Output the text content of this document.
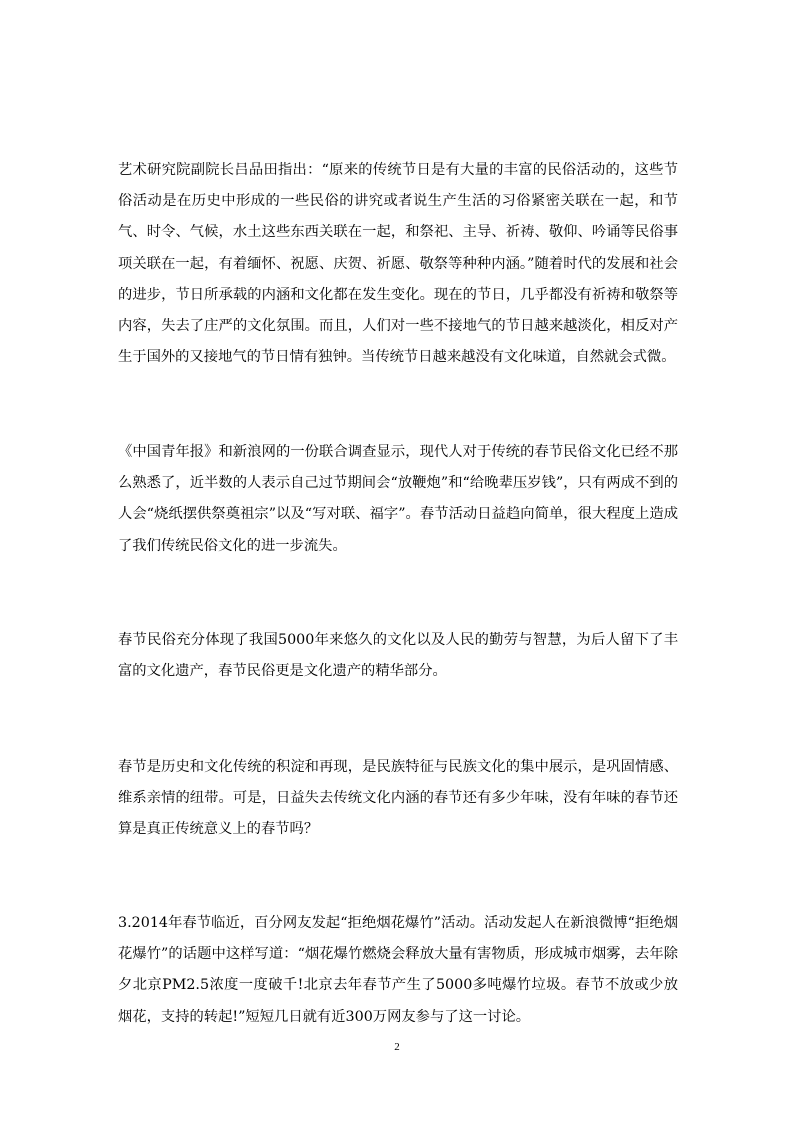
艺术研究院副院长吕品田指出：“原来的传统节日是有大量的丰富的民俗活动的，这些节俗活动是在历史中形成的一些民俗的讲究或者说生产生活的习俗紧密关联在一起，和节气、时令、气候，水土这些东西关联在一起，和祭祀、主导、祈祷、敬仰、吟诵等民俗事项关联在一起，有着缅怀、祝愿、庆贺、祈愿、敬祭等种种内涵。”随着时代的发展和社会的进步，节日所承载的内涵和文化都在发生变化。现在的节日，几乎都没有祈祷和敬祭等内容，失去了庄严的文化氛围。而且，人们对一些不接地气的节日越来越淡化，相反对产生于国外的又接地气的节日情有独钟。当传统节日越来越没有文化味道，自然就会式微。

《中国青年报》和新浪网的一份联合调查显示，现代人对于传统的春节民俗文化已经不那么熟悉了，近半数的人表示自己过节期间会“放鞭炮”和“给晚辈压岁钱”，只有两成不到的人会“烧纸摆供祭奠祖宗”以及“写对联、福字”。春节活动日益趋向简单，很大程度上造成了我们传统民俗文化的进一步流失。

春节民俗充分体现了我国5000年来悠久的文化以及人民的勤劳与智慧，为后人留下了丰富的文化遗产，春节民俗更是文化遗产的精华部分。

春节是历史和文化传统的积淀和再现，是民族特征与民族文化的集中展示，是巩固情感、维系亲情的纽带。可是，日益失去传统文化内涵的春节还有多少年味，没有年味的春节还算是真正传统意义上的春节吗？

3.2014年春节临近，百分网友发起“拒绝烟花爆竹”活动。活动发起人在新浪微博“拒绝烟花爆竹”的话题中这样写道：“烟花爆竹燃烧会释放大量有害物质，形成城市烟雾，去年除夕北京PM2.5浓度一度破千!北京去年春节产生了5000多吨爆竹垃圾。春节不放或少放烟花，支持的转起!”短短几日就有近300万网友参与了这一讨论。

2
